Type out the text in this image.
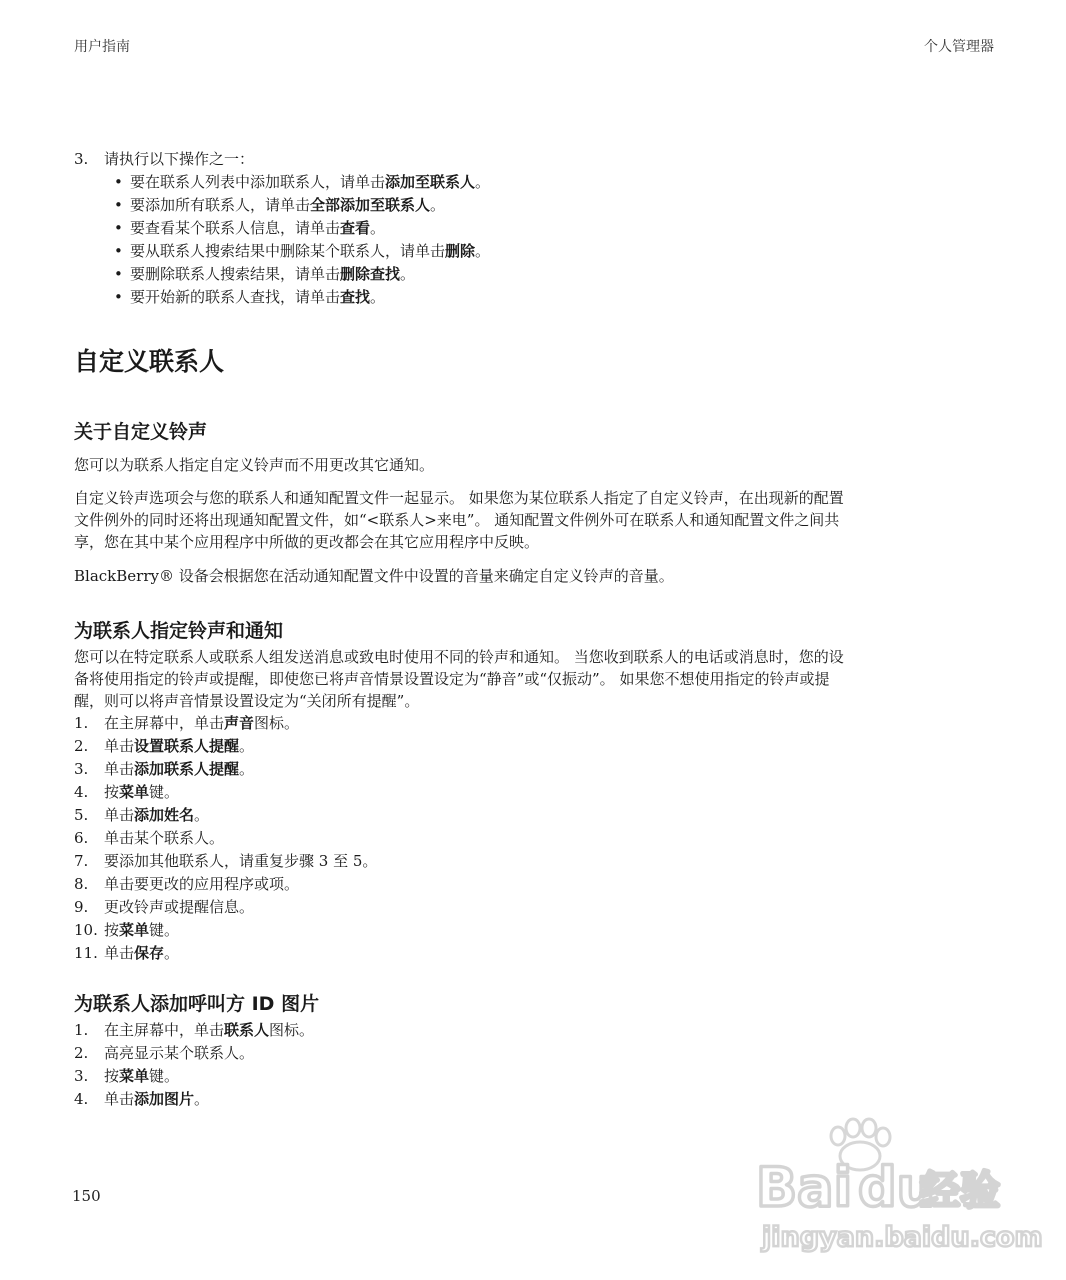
用户指南	个人管理器
3. 请执行以下操作之一：
• 要在联系人列表中添加联系人，请单击添加至联系人。
• 要添加所有联系人，请单击全部添加至联系人。
• 要查看某个联系人信息，请单击查看。
• 要从联系人搜索结果中删除某个联系人，请单击删除。
• 要删除联系人搜索结果，请单击删除查找。
• 要开始新的联系人查找，请单击查找。
自定义联系人
关于自定义铃声

您可以为联系人指定自定义铃声而不用更改其它通知。

自定义铃声选项会与您的联系人和通知配置文件一起显示。 如果您为某位联系人指定了自定义铃声，在出现新的配置
文件例外的同时还将出现通知配置文件，如“<联系人>来电”。 通知配置文件例外可在联系人和通知配置文件之间共
享，您在其中某个应用程序中所做的更改都会在其它应用程序中反映。

BlackBerry® 设备会根据您在活动通知配置文件中设置的音量来确定自定义铃声的音量。

为联系人指定铃声和通知
您可以在特定联系人或联系人组发送消息或致电时使用不同的铃声和通知。 当您收到联系人的电话或消息时，您的设
备将使用指定的铃声或提醒，即使您已将声音情景设置设定为“静音”或“仅振动”。 如果您不想使用指定的铃声或提
醒，则可以将声音情景设置设定为“关闭所有提醒”。
1. 在主屏幕中，单击声音图标。
2. 单击设置联系人提醒。
3. 单击添加联系人提醒。
4. 按菜单键。
5. 单击添加姓名。
6. 单击某个联系人。
7. 要添加其他联系人，请重复步骤 3 至 5。
8. 单击要更改的应用程序或项。
9. 更改铃声或提醒信息。
10. 按菜单键。
11. 单击保存。
为联系人添加呼叫方 ID 图片
1. 在主屏幕中，单击联系人图标。
2. 高亮显示某个联系人。
3. 按菜单键。
4. 单击添加图片。
150	Bai du
经验
jingyan.baidu.com
